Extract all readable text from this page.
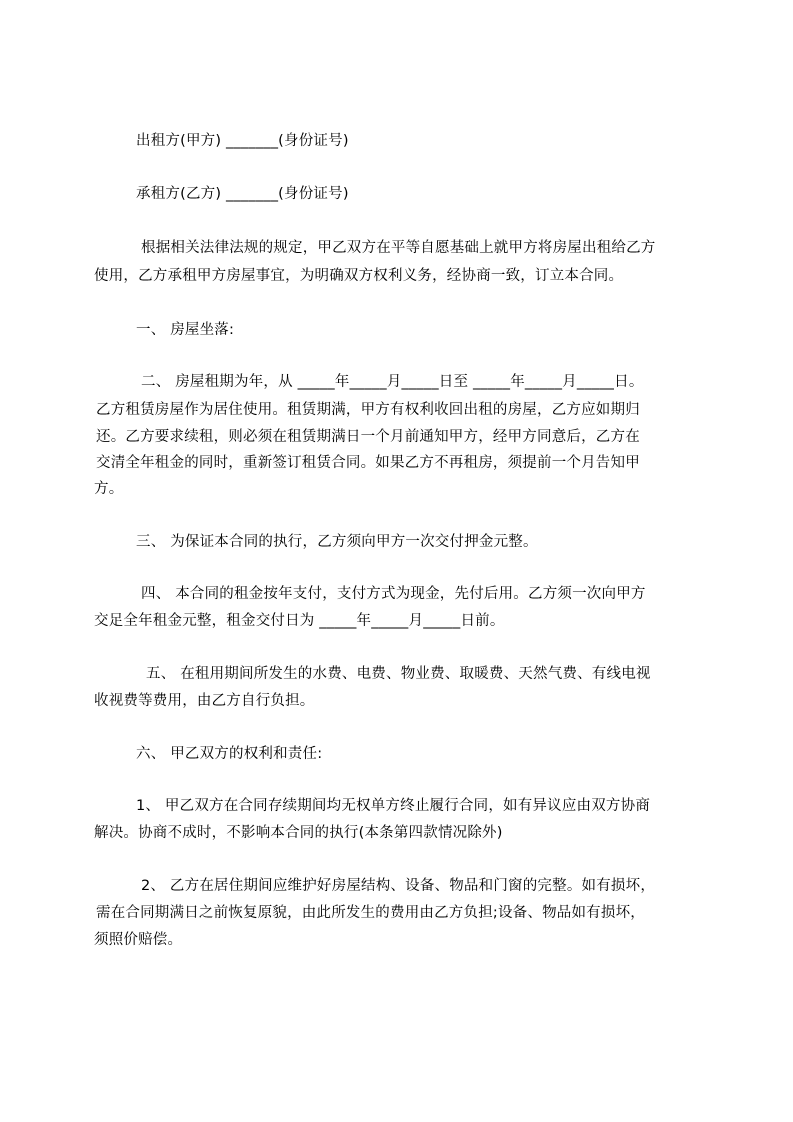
出租方(甲方) _______(身份证号)
承租方(乙方) _______(身份证号)
根据相关法律法规的规定，甲乙双方在平等自愿基础上就甲方将房屋出租给乙方
使用，乙方承租甲方房屋事宜，为明确双方权利义务，经协商一致，订立本合同。
一、 房屋坐落:
二、 房屋租期为年，从 _____年_____月_____日至 _____年_____月_____日。
乙方租赁房屋作为居住使用。租赁期满，甲方有权利收回出租的房屋，乙方应如期归
还。乙方要求续租，则必须在租赁期满日一个月前通知甲方，经甲方同意后，乙方在
交清全年租金的同时，重新签订租赁合同。如果乙方不再租房，须提前一个月告知甲
方。
三、 为保证本合同的执行，乙方须向甲方一次交付押金元整。
四、 本合同的租金按年支付，支付方式为现金，先付后用。乙方须一次向甲方
交足全年租金元整，租金交付日为 _____年_____月_____日前。
五、 在租用期间所发生的水费、电费、物业费、取暖费、天然气费、有线电视
收视费等费用，由乙方自行负担。
六、 甲乙双方的权利和责任:
1、 甲乙双方在合同存续期间均无权单方终止履行合同，如有异议应由双方协商
解决。协商不成时，不影响本合同的执行(本条第四款情况除外)
2、 乙方在居住期间应维护好房屋结构、设备、物品和门窗的完整。如有损坏，
需在合同期满日之前恢复原貌，由此所发生的费用由乙方负担;设备、物品如有损坏，
须照价赔偿。
